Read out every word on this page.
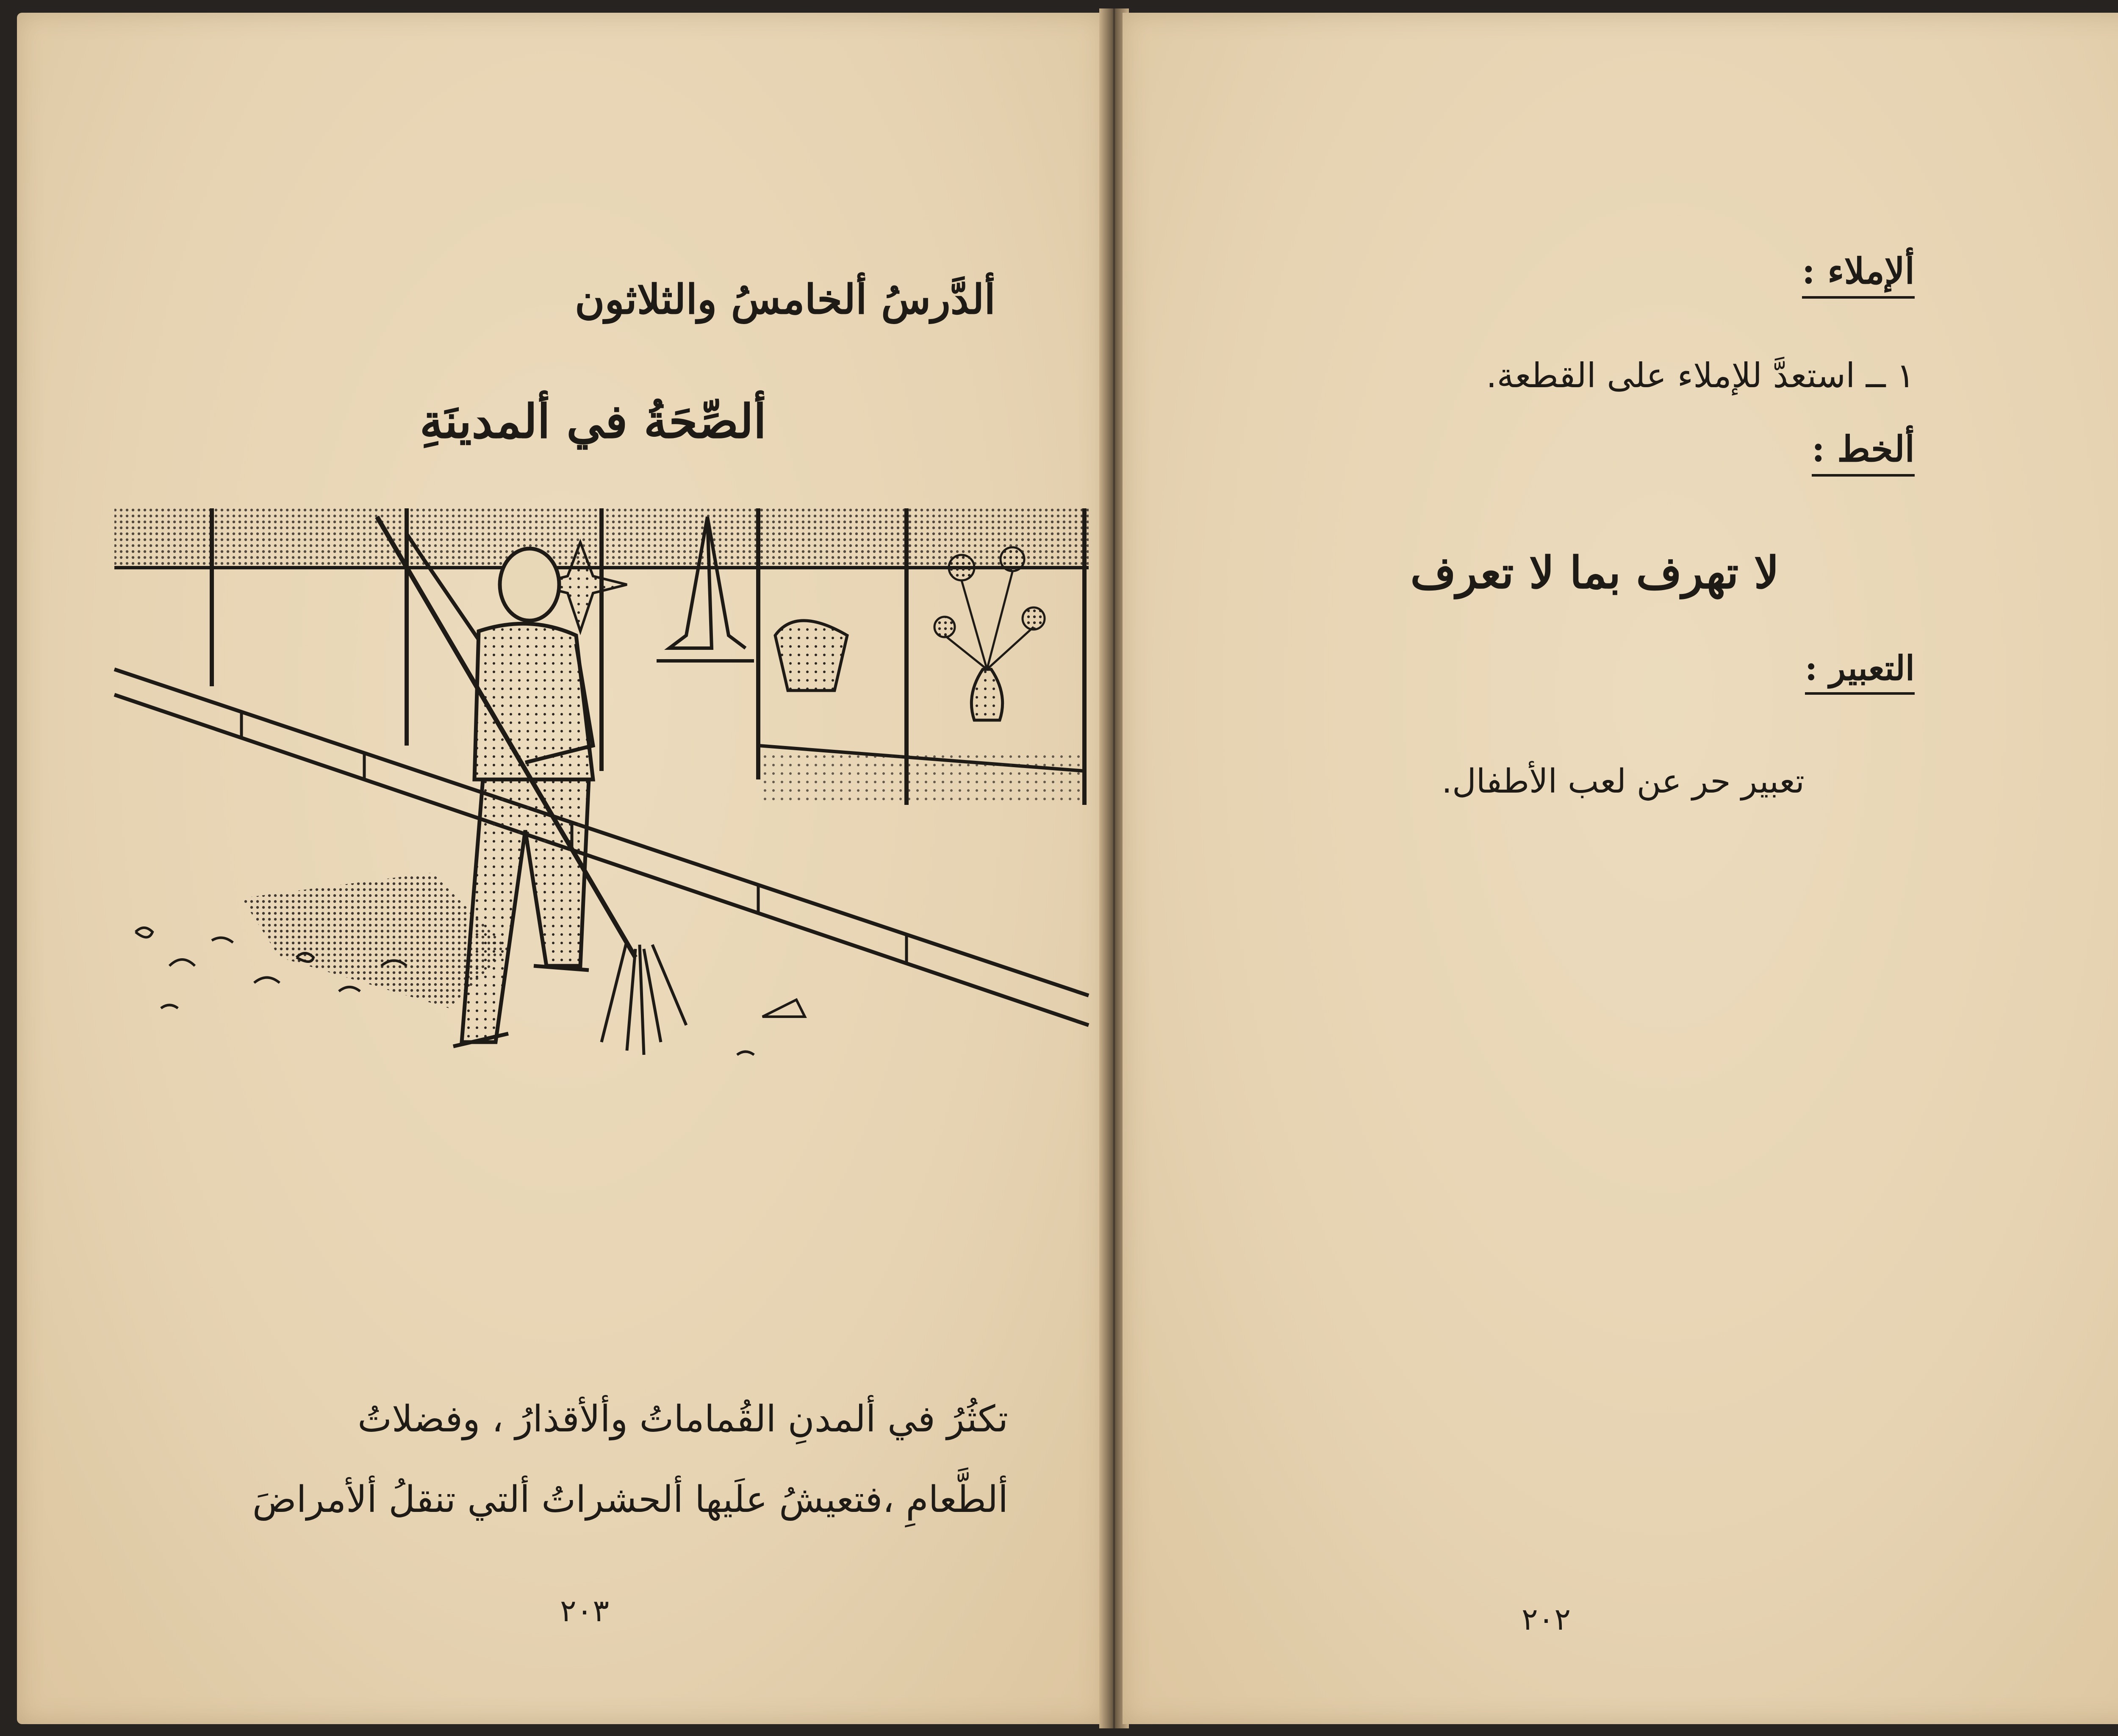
ألدَّرسُ ألخامسُ والثلاثون
ألصِّحَةُ في ألمدينَةِ
تكثُرُ في ألمدنِ القُماماتُ وألأقذارُ ، وفضلاتُ
ألطَّعامِ ،فتعيشُ علَيها ألحشراتُ ألتي تنقلُ ألأمراضَ
٢٠٣
ألإملاء :
١ ــ استعدَّ للإملاء على القطعة.
ألخط :
لا تهرف بما لا تعرف
التعبير :
تعبير حر عن لعب الأطفال.
٢٠٢
